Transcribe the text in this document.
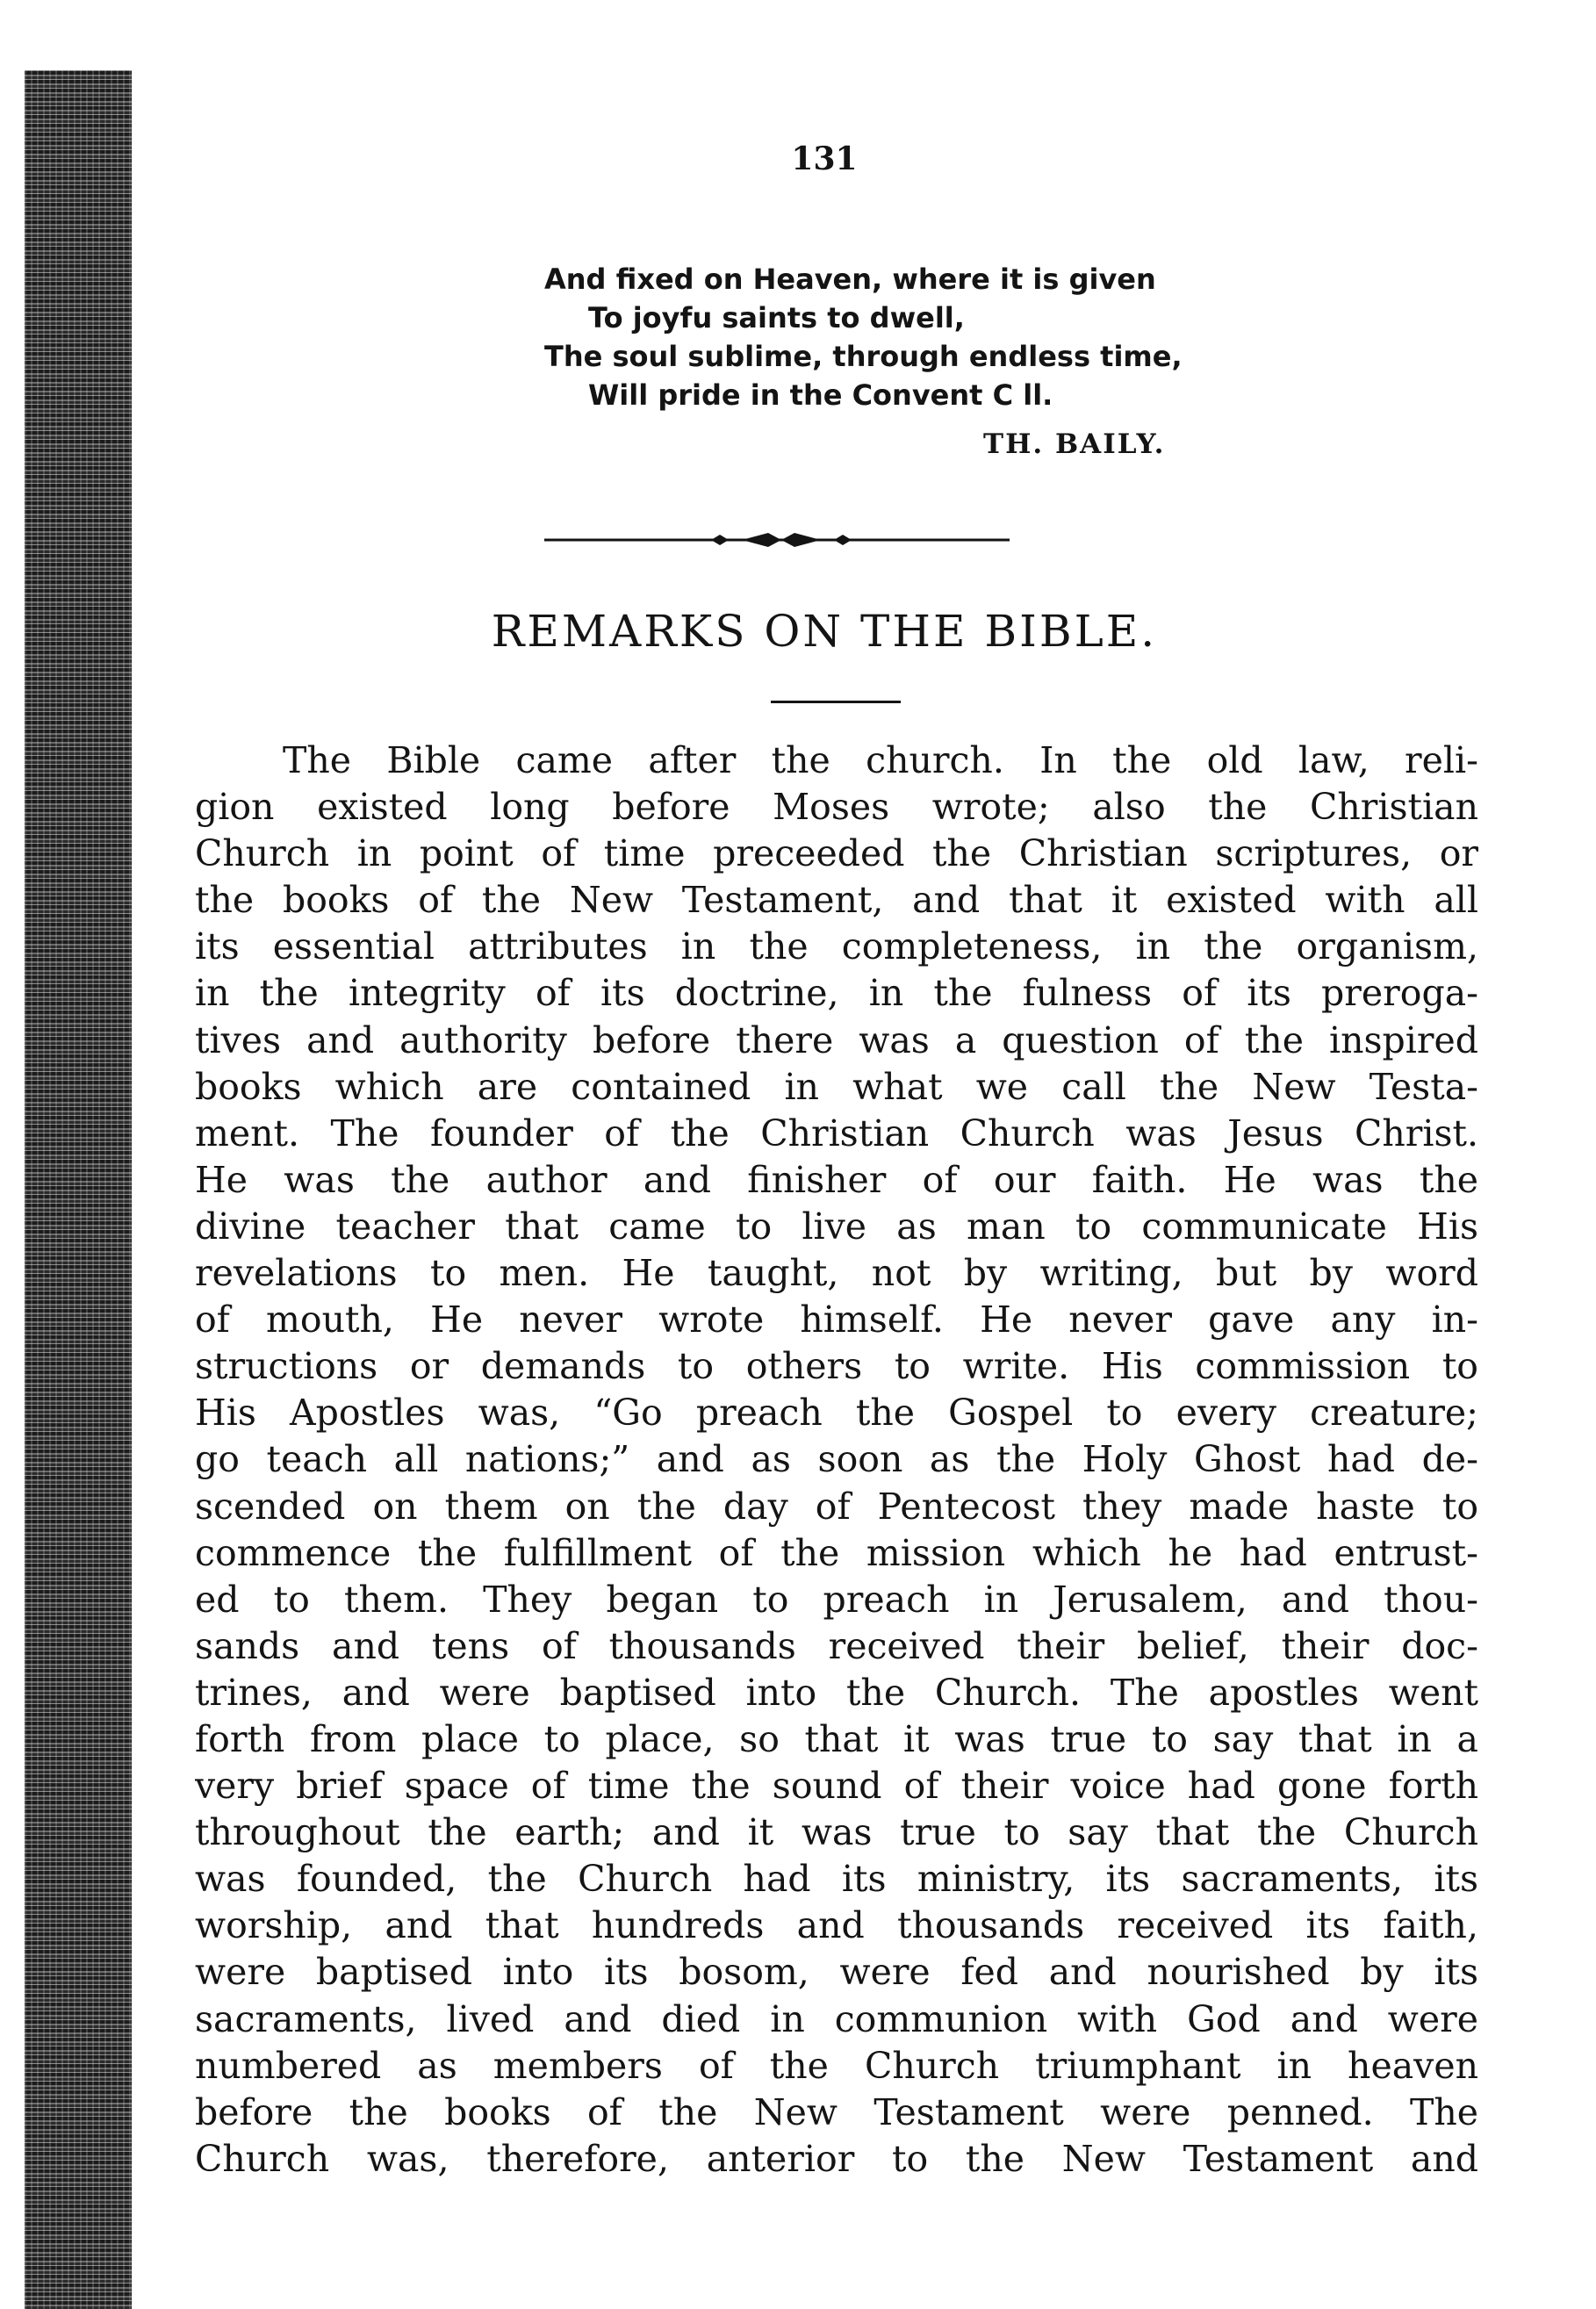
131
And fixed on Heaven, where it is given
To joyfu saints to dwell,
The soul sublime, through endless time,
Will pride in the Convent C ll.
TH. BAILY.
REMARKS ON THE BIBLE.
The Bible came after the church. In the old law, reli-
gion existed long before Moses wrote; also the Christian
Church in point of time preceeded the Christian scriptures, or
the books of the New Testament, and that it existed with all
its essential attributes in the completeness, in the organism,
in the integrity of its doctrine, in the fulness of its preroga-
tives and authority before there was a question of the inspired
books which are contained in what we call the New Testa-
ment. The founder of the Christian Church was Jesus Christ.
He was the author and finisher of our faith. He was the
divine teacher that came to live as man to communicate His
revelations to men. He taught, not by writing, but by word
of mouth, He never wrote himself. He never gave any in-
structions or demands to others to write. His commission to
His Apostles was, “Go preach the Gospel to every creature;
go teach all nations;” and as soon as the Holy Ghost had de-
scended on them on the day of Pentecost they made haste to
commence the fulfillment of the mission which he had entrust-
ed to them. They began to preach in Jerusalem, and thou-
sands and tens of thousands received their belief, their doc-
trines, and were baptised into the Church. The apostles went
forth from place to place, so that it was true to say that in a
very brief space of time the sound of their voice had gone forth
throughout the earth; and it was true to say that the Church
was founded, the Church had its ministry, its sacraments, its
worship, and that hundreds and thousands received its faith,
were baptised into its bosom, were fed and nourished by its
sacraments, lived and died in communion with God and were
numbered as members of the Church triumphant in heaven
before the books of the New Testament were penned. The
Church was, therefore, anterior to the New Testament and
